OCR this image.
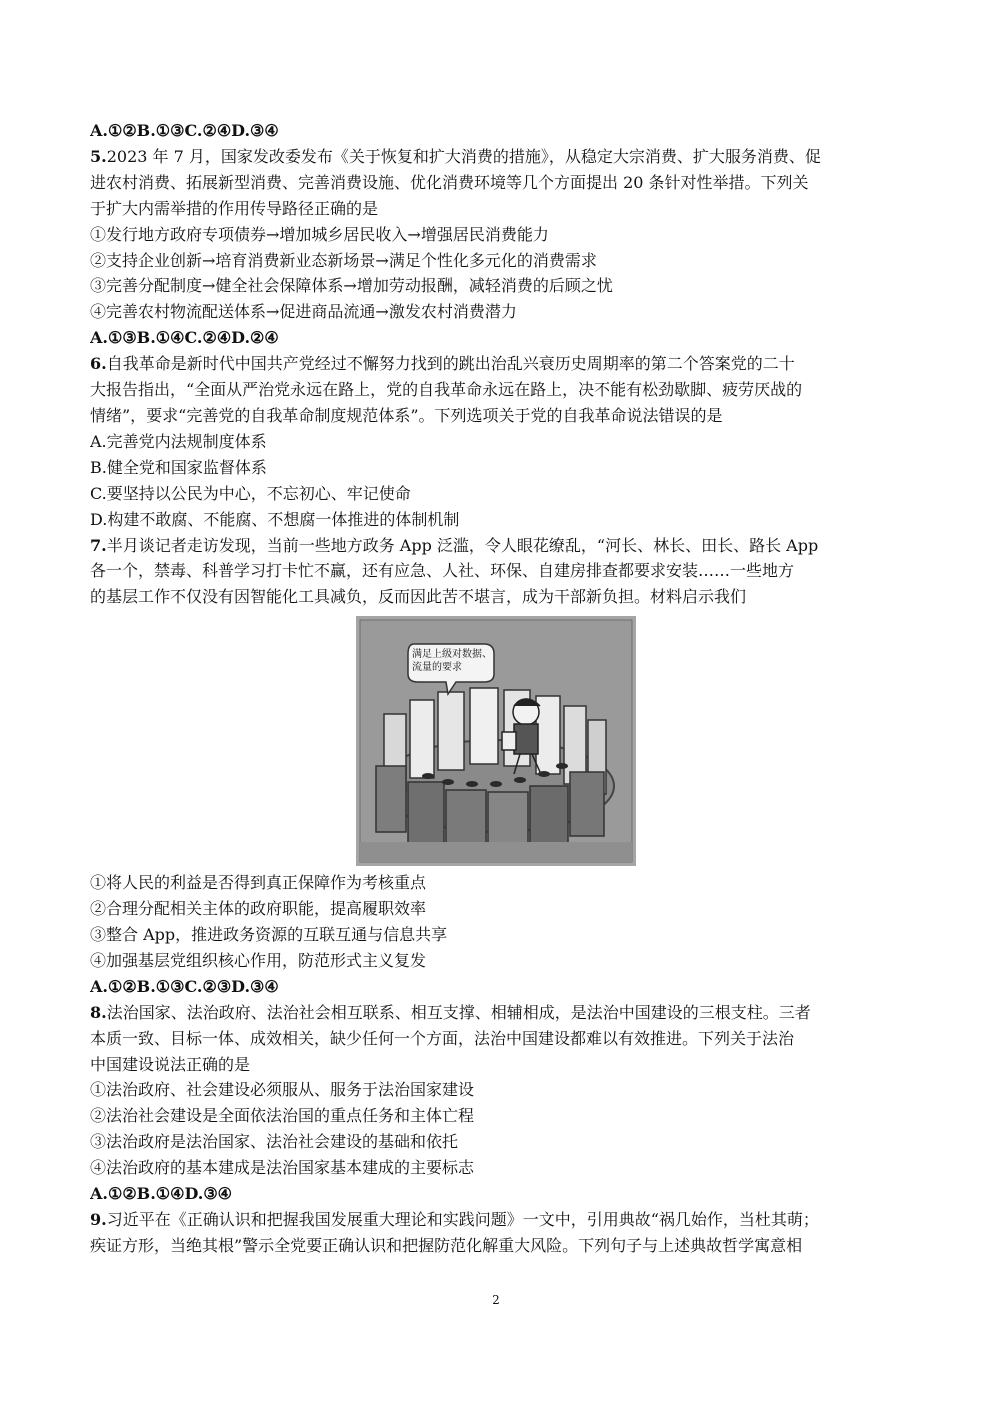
A.①②B.①③C.②④D.③④
5.2023 年 7 月，国家发改委发布《关于恢复和扩大消费的措施》，从稳定大宗消费、扩大服务消费、促
进农村消费、拓展新型消费、完善消费设施、优化消费环境等几个方面提出 20 条针对性举措。下列关
于扩大内需举措的作用传导路径正确的是
①发行地方政府专项债券→增加城乡居民收入→增强居民消费能力
②支持企业创新→培育消费新业态新场景→满足个性化多元化的消费需求
③完善分配制度→健全社会保障体系→增加劳动报酬，减轻消费的后顾之忧
④完善农村物流配送体系→促进商品流通→激发农村消费潜力
A.①③B.①④C.②④D.②④
6.自我革命是新时代中国共产党经过不懈努力找到的跳出治乱兴衰历史周期率的第二个答案党的二十
大报告指出，“全面从严治党永远在路上，党的自我革命永远在路上，决不能有松劲歇脚、疲劳厌战的
情绪”，要求“完善党的自我革命制度规范体系”。下列选项关于党的自我革命说法错误的是
A.完善党内法规制度体系
B.健全党和国家监督体系
C.要坚持以公民为中心，不忘初心、牢记使命
D.构建不敢腐、不能腐、不想腐一体推进的体制机制
7.半月谈记者走访发现，当前一些地方政务 App 泛滥，令人眼花缭乱，“河长、林长、田长、路长 App
各一个，禁毒、科普学习打卡忙不赢，还有应急、人社、环保、自建房排查都要求安装……一些地方
的基层工作不仅没有因智能化工具减负，反而因此苦不堪言，成为干部新负担。材料启示我们
满足上级对数据、流量的要求
①将人民的利益是否得到真正保障作为考核重点
②合理分配相关主体的政府职能，提高履职效率
③整合 App，推进政务资源的互联互通与信息共享
④加强基层党组织核心作用，防范形式主义复发
A.①②B.①③C.②③D.③④
8.法治国家、法治政府、法治社会相互联系、相互支撑、相辅相成，是法治中国建设的三根支柱。三者
本质一致、目标一体、成效相关，缺少任何一个方面，法治中国建设都难以有效推进。下列关于法治
中国建设说法正确的是
①法治政府、社会建设必须服从、服务于法治国家建设
②法治社会建设是全面依法治国的重点任务和主体亡程
③法治政府是法治国家、法治社会建设的基础和依托
④法治政府的基本建成是法治国家基本建成的主要标志
A.①②B.①④D.③④
9.习近平在《正确认识和把握我国发展重大理论和实践问题》一文中，引用典故“祸几始作，当杜其萌；
疾证方形，当绝其根”警示全党要正确认识和把握防范化解重大风险。下列句子与上述典故哲学寓意相
2
